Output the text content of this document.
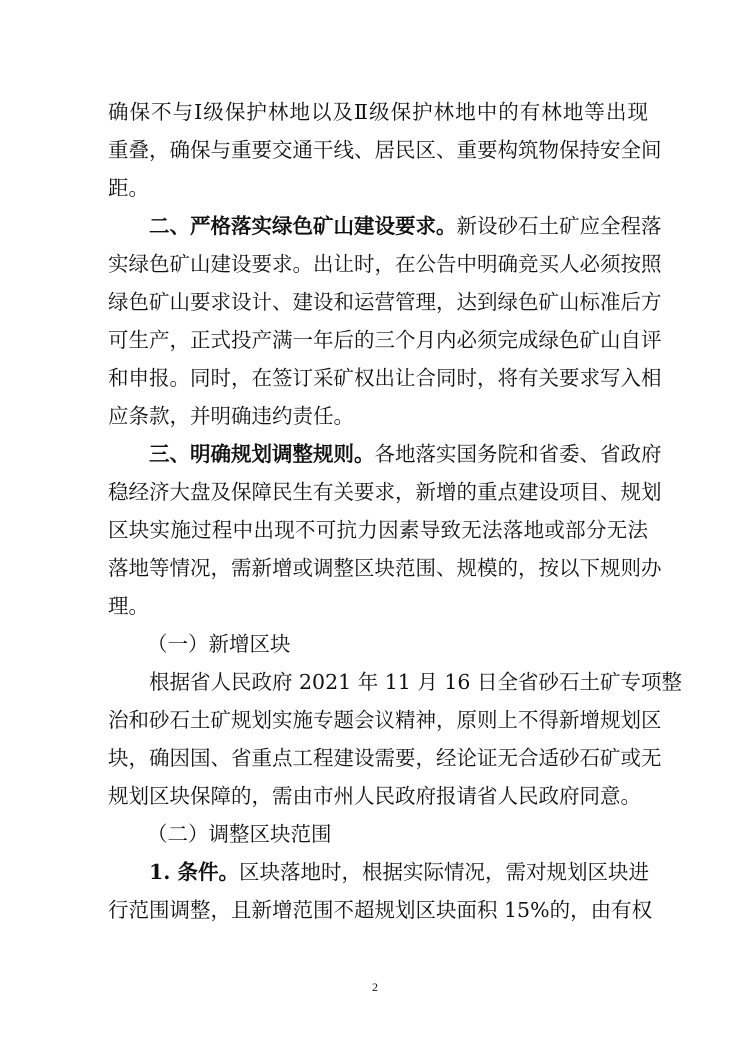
确保不与Ⅰ级保护林地以及Ⅱ级保护林地中的有林地等出现
重叠，确保与重要交通干线、居民区、重要构筑物保持安全间
距。
二、严格落实绿色矿山建设要求。新设砂石土矿应全程落
实绿色矿山建设要求。出让时，在公告中明确竞买人必须按照
绿色矿山要求设计、建设和运营管理，达到绿色矿山标准后方
可生产，正式投产满一年后的三个月内必须完成绿色矿山自评
和申报。同时，在签订采矿权出让合同时，将有关要求写入相
应条款，并明确违约责任。
三、明确规划调整规则。各地落实国务院和省委、省政府
稳经济大盘及保障民生有关要求，新增的重点建设项目、规划
区块实施过程中出现不可抗力因素导致无法落地或部分无法
落地等情况，需新增或调整区块范围、规模的，按以下规则办
理。
（一）新增区块
根据省人民政府 2021 年 11 月 16 日全省砂石土矿专项整
治和砂石土矿规划实施专题会议精神，原则上不得新增规划区
块，确因国、省重点工程建设需要，经论证无合适砂石矿或无
规划区块保障的，需由市州人民政府报请省人民政府同意。
（二）调整区块范围
1. 条件。区块落地时，根据实际情况，需对规划区块进
行范围调整，且新增范围不超规划区块面积 15%的，由有权
2
